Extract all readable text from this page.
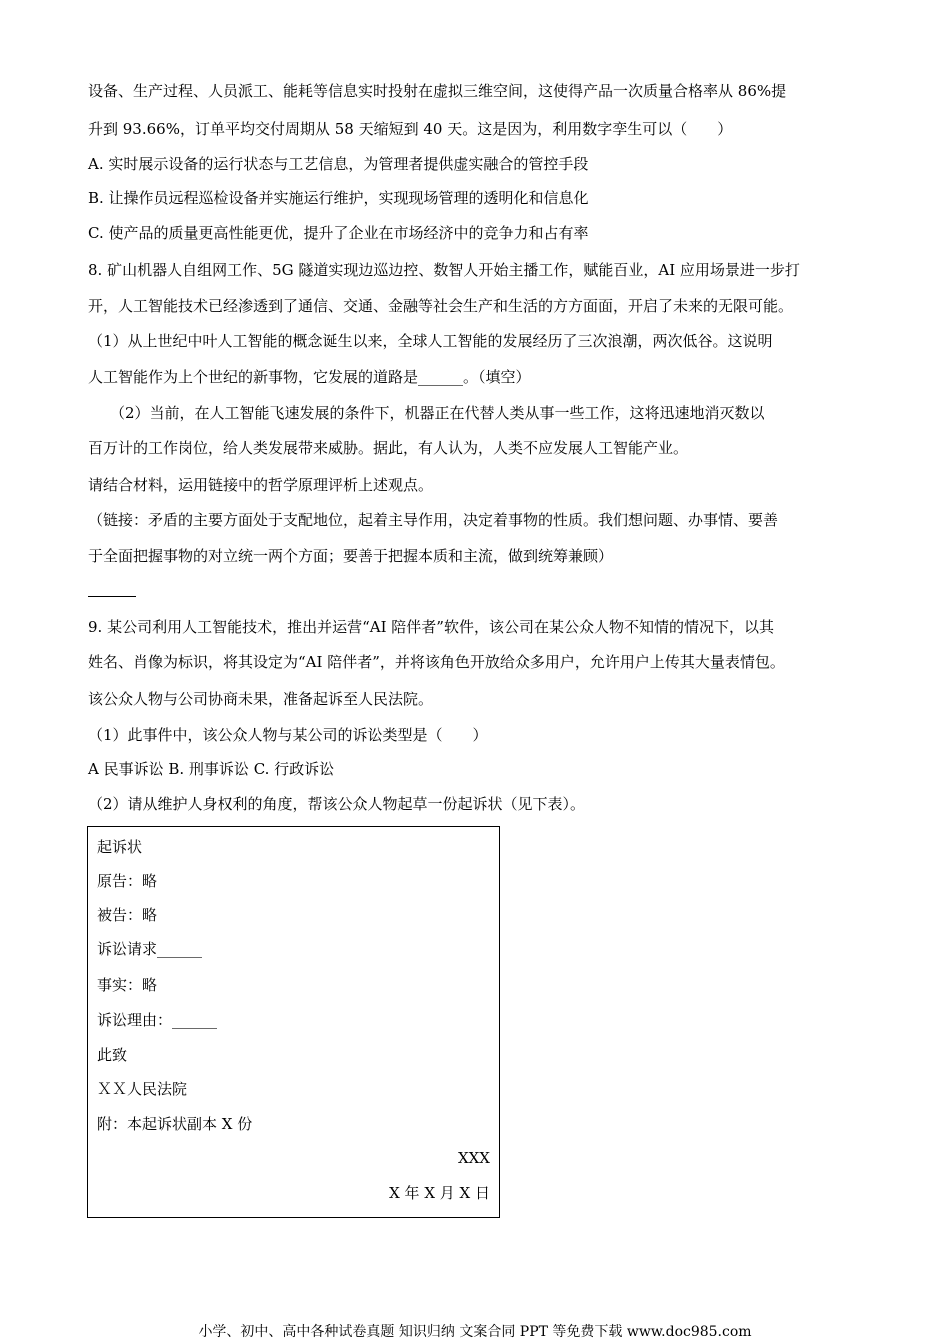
设备、生产过程、人员派工、能耗等信息实时投射在虚拟三维空间，这使得产品一次质量合格率从 86%提
升到 93.66%，订单平均交付周期从 58 天缩短到 40 天。这是因为，利用数字孪生可以（　　）
A. 实时展示设备的运行状态与工艺信息，为管理者提供虚实融合的管控手段
B. 让操作员远程巡检设备并实施运行维护，实现现场管理的透明化和信息化
C. 使产品的质量更高性能更优，提升了企业在市场经济中的竞争力和占有率
8. 矿山机器人自组网工作、5G 隧道实现边巡边控、数智人开始主播工作，赋能百业，AI 应用场景进一步打
开，人工智能技术已经渗透到了通信、交通、金融等社会生产和生活的方方面面，开启了未来的无限可能。
（1）从上世纪中叶人工智能的概念诞生以来，全球人工智能的发展经历了三次浪潮，两次低谷。这说明
人工智能作为上个世纪的新事物，它发展的道路是______。（填空）
（2）当前，在人工智能飞速发展的条件下，机器正在代替人类从事一些工作，这将迅速地消灭数以
百万计的工作岗位，给人类发展带来威胁。据此，有人认为，人类不应发展人工智能产业。
请结合材料，运用链接中的哲学原理评析上述观点。
（链接：矛盾的主要方面处于支配地位，起着主导作用，决定着事物的性质。我们想问题、办事情、要善
于全面把握事物的对立统一两个方面；要善于把握本质和主流，做到统筹兼顾）
9. 某公司利用人工智能技术，推出并运营“AI 陪伴者”软件，该公司在某公众人物不知情的情况下，以其
姓名、肖像为标识，将其设定为“AI 陪伴者”，并将该角色开放给众多用户，允许用户上传其大量表情包。
该公众人物与公司协商未果，准备起诉至人民法院。
（1）此事件中，该公众人物与某公司的诉讼类型是（　　）
A 民事诉讼 B. 刑事诉讼 C. 行政诉讼
（2）请从维护人身权利的角度，帮该公众人物起草一份起诉状（见下表）。
起诉状
原告：略
被告：略
诉讼请求______
事实：略
诉讼理由：______
此致
ＸＸ人民法院
附：本起诉状副本 X 份
XXX
X 年 X 月 X 日
小学、初中、高中各种试卷真题 知识归纳 文案合同 PPT 等免费下载 www.doc985.com
